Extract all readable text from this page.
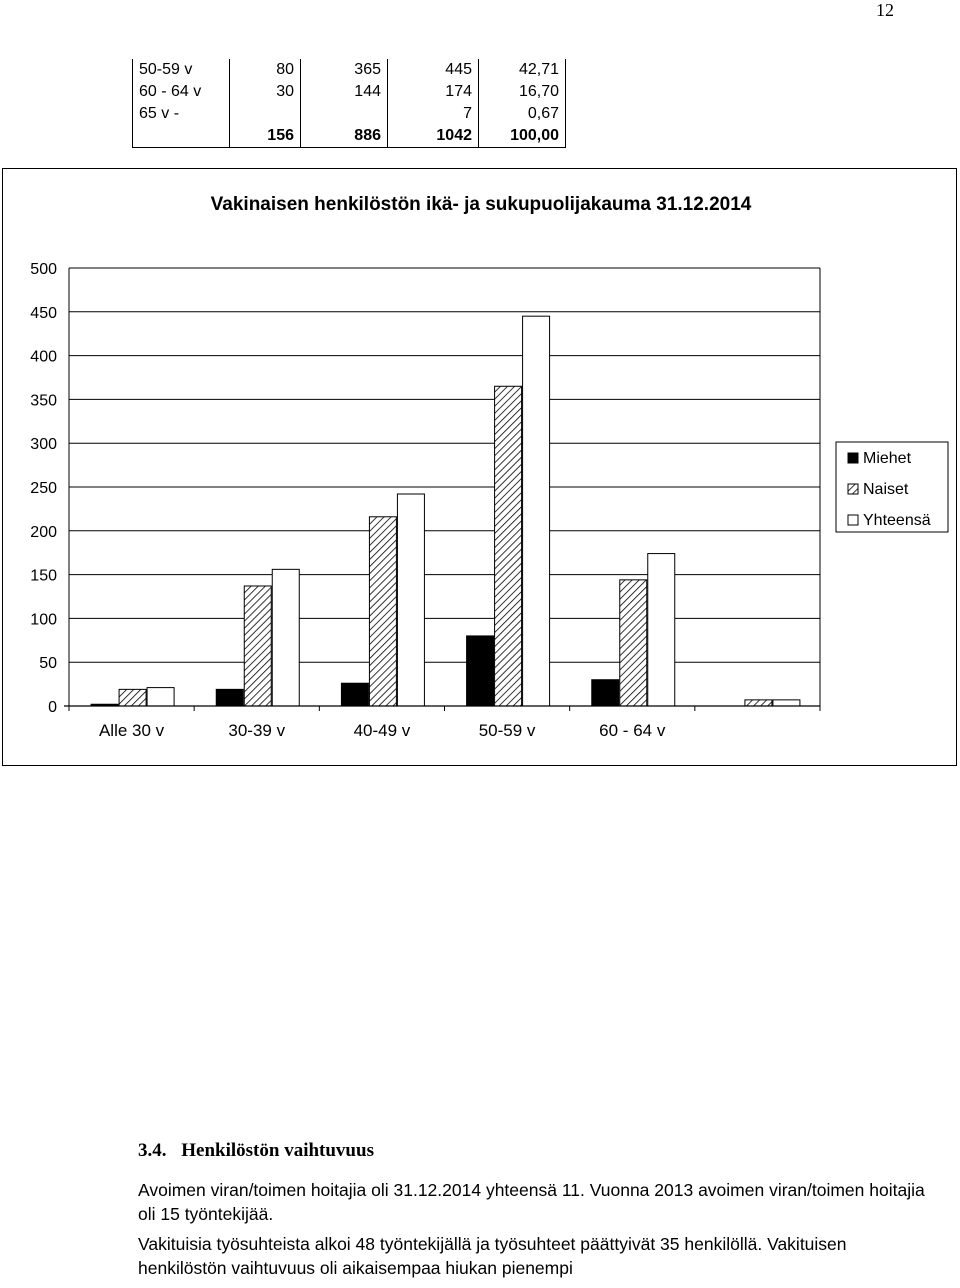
12
50-59 v	80	365	445	42,71
60 - 64 v	30	144	174	16,70
65 v -			7	0,67
	156	886	1042	100,00
Vakinaisen henkilöstön ikä- ja sukupuolijakauma 31.12.2014
0
50
100
150
200
250
300
350
400
450
500
Alle 30 v	30-39 v	40-49 v	50-59 v	60 - 64 v
Miehet
Naiset
Yhteensä
3.4. Henkilöstön vaihtuvuus

Avoimen viran/toimen hoitajia oli 31.12.2014 yhteensä 11. Vuonna 2013 avoimen viran/toimen hoitajia oli 15 työntekijää.

Vakituisia työsuhteista alkoi 48 työntekijällä ja työsuhteet päättyivät 35 henkilöllä. Vakituisen henkilöstön vaihtuvuus oli aikaisempaa hiukan pienempi
